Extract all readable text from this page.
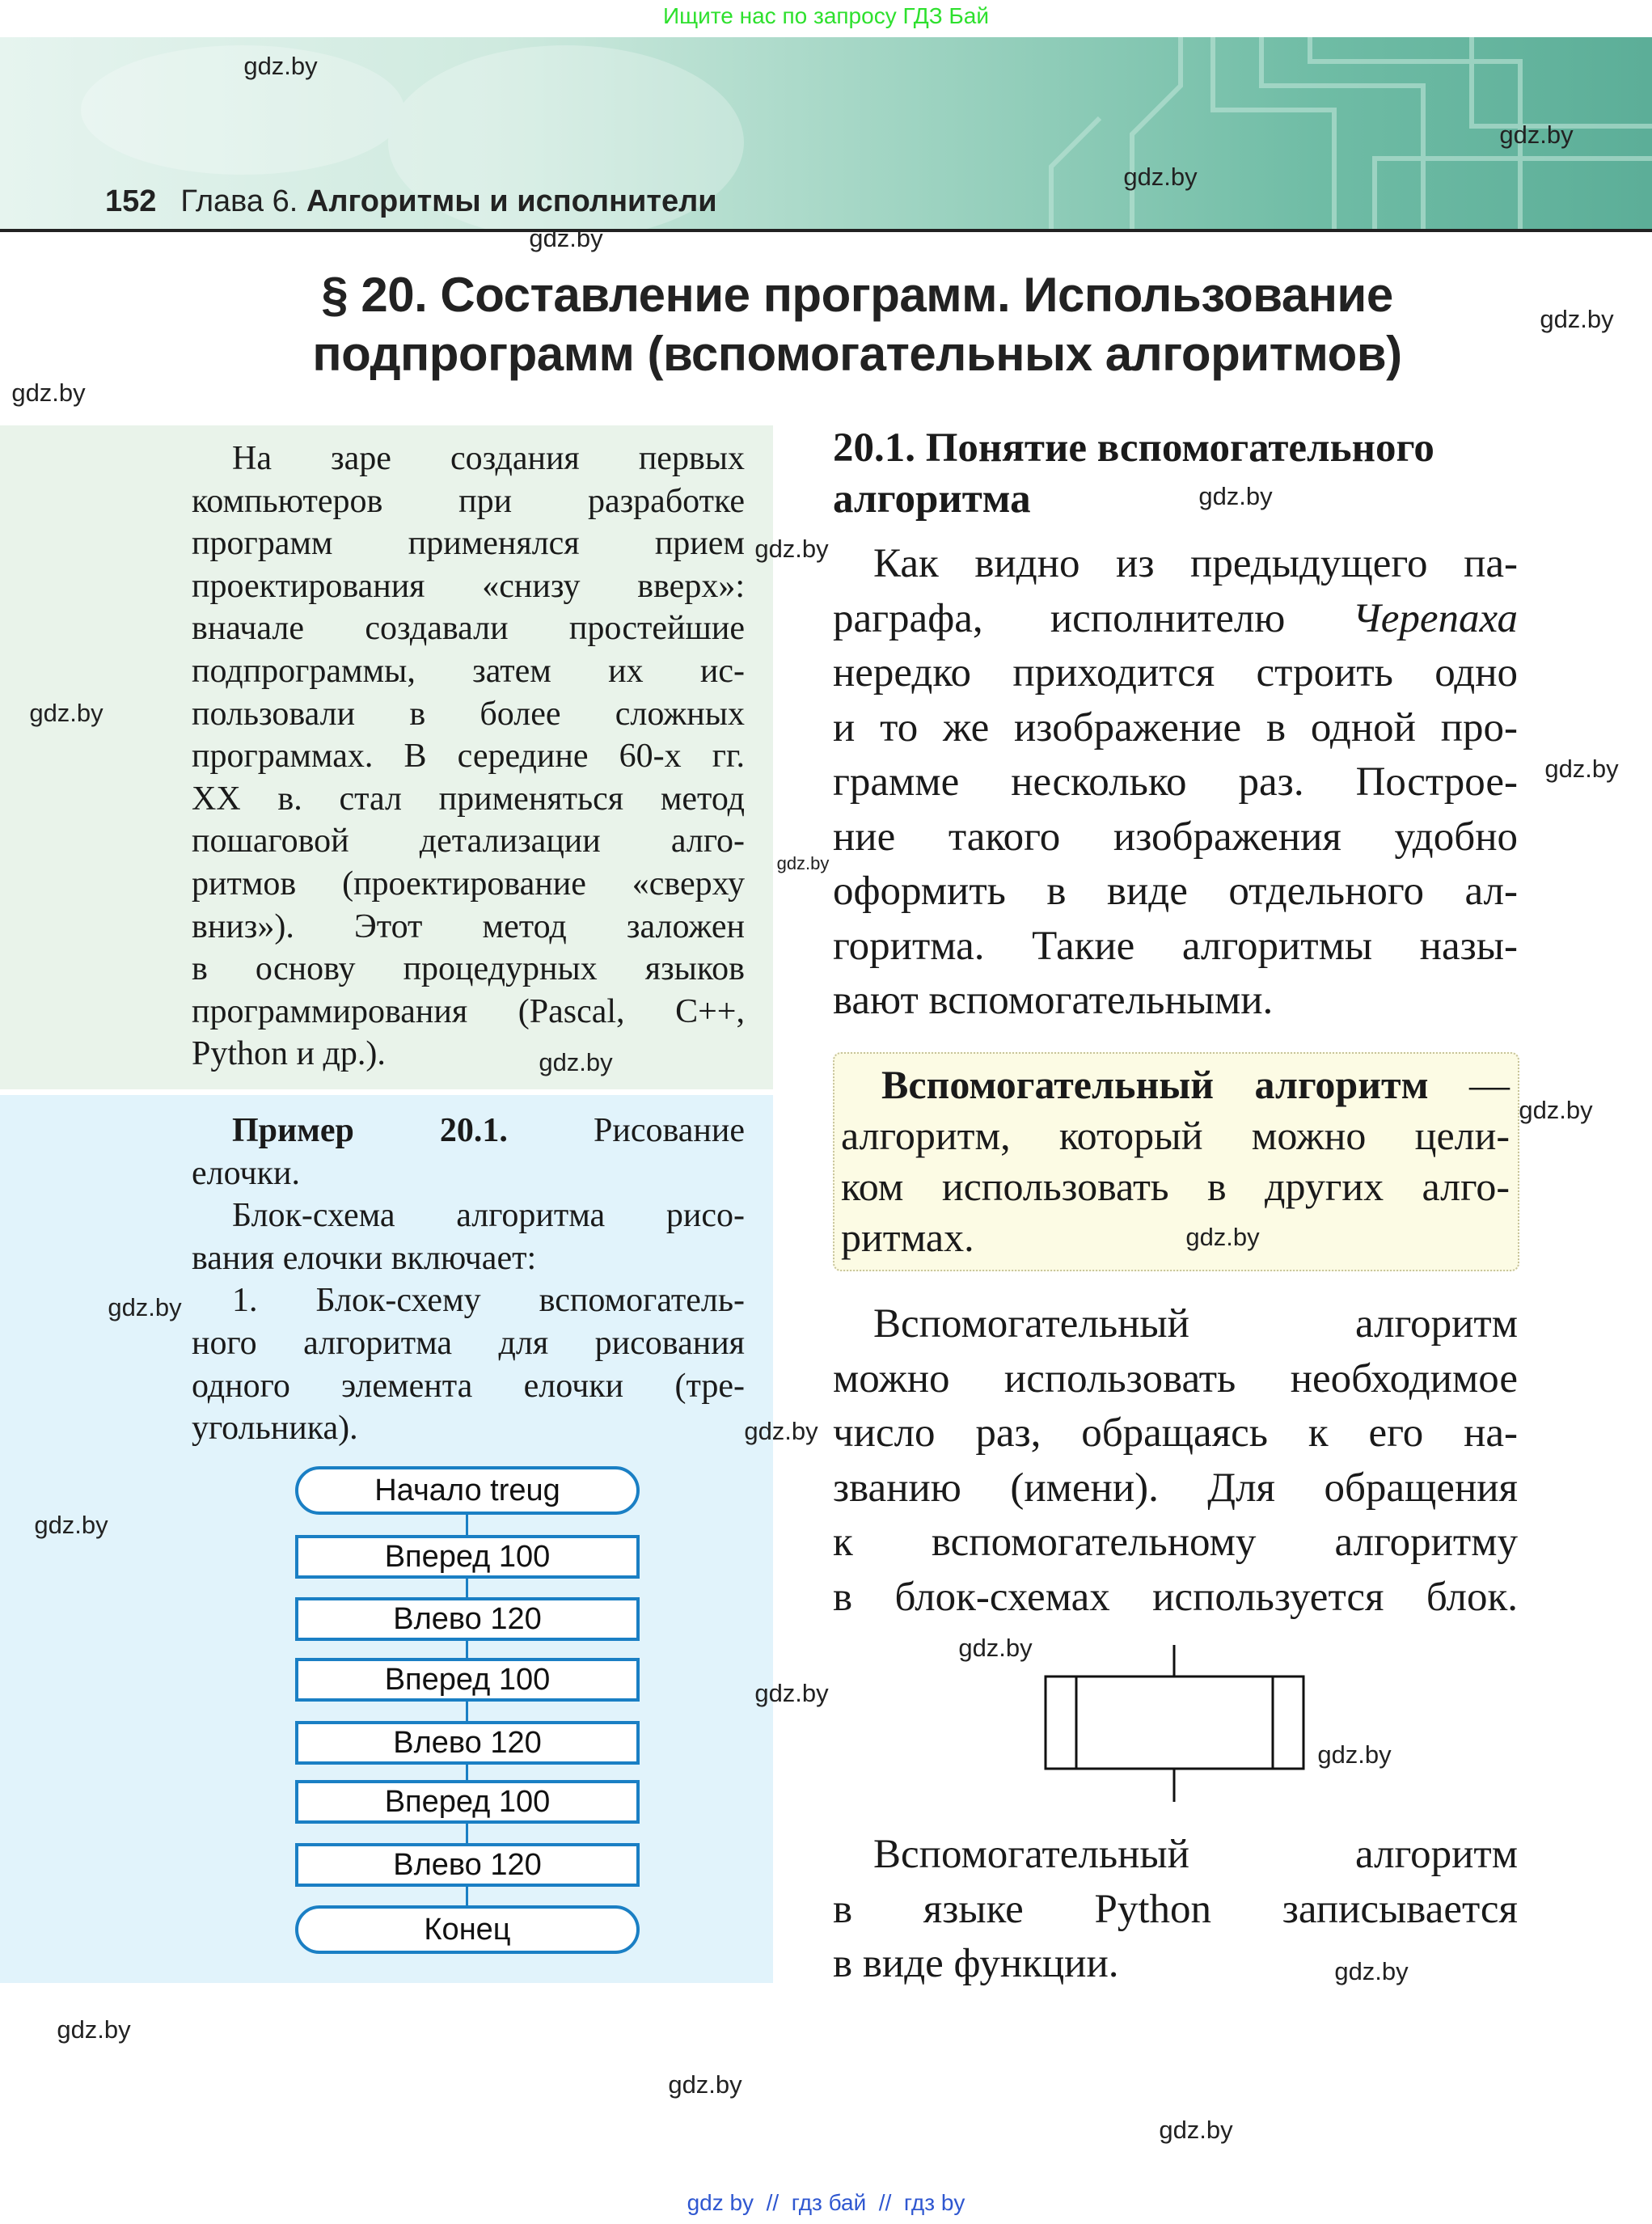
Ищите нас по запросу ГДЗ Бай
152 Глава 6. Алгоритмы и исполнители
§ 20. Составление программ. Использование
подпрограмм (вспомогательных алгоритмов)
На заре создания первых
компьютеров при разработке
программ применялся прием
проектирования «снизу вверх»:
вначале создавали простейшие
подпрограммы, затем их ис-
пользовали в более сложных
программах. В середине 60-х гг.
XX в. стал применяться метод
пошаговой детализации алго-
ритмов (проектирование «сверху
вниз»). Этот метод заложен
в основу процедурных языков
программирования (Pascal, C++,
Python и др.).
Пример 20.1. Рисование
елочки.
Блок-схема алгоритма рисо-
вания елочки включает:
1. Блок-схему вспомогатель-
ного алгоритма для рисования
одного элемента елочки (тре-
угольника).
20.1. Понятие вспомогательного
алгоритма
Как видно из предыдущего па-
раграфа, исполнителю Черепаха
нередко приходится строить одно
и то же изображение в одной про-
грамме несколько раз. Построе-
ние такого изображения удобно
оформить в виде отдельного ал-
горитма. Такие алгоритмы назы-
вают вспомогательными.
Вспомогательный алгоритм —
алгоритм, который можно цели-
ком использовать в других алго-
ритмах.
Вспомогательный алгоритм
можно использовать необходимое
число раз, обращаясь к его на-
званию (имени). Для обращения
к вспомогательному алгоритму
в блок-схемах используется блок.
Вспомогательный алгоритм
в языке Python записывается
в виде функции.
Начало treug
Вперед 100
Влево 120
Вперед 100
Влево 120
Вперед 100
Влево 120
Конец
gdz.by
gdz.by
gdz.by
gdz.by
gdz.by
gdz.by
gdz.by
gdz.by
gdz.by
gdz.by
gdz.by
gdz.by
gdz.by
gdz.by
gdz.by
gdz.by
gdz.by
gdz.by
gdz.by
gdz.by
gdz.by
gdz.by
gdz.by
gdz.by
gdz by  //  гдз бай  //  гдз by
